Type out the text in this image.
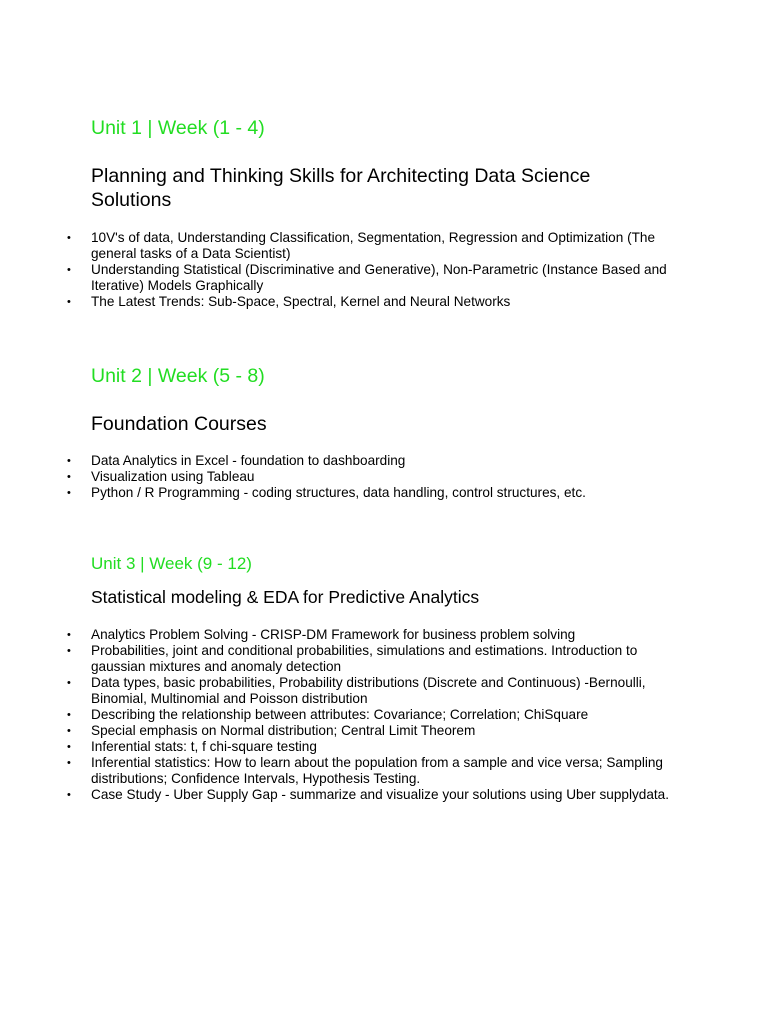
Unit 1 | Week (1 - 4)
Planning and Thinking Skills for Architecting Data Science Solutions
• 10V's of data, Understanding Classification, Segmentation, Regression and Optimization (The general tasks of a Data Scientist)
• Understanding Statistical (Discriminative and Generative), Non-Parametric (Instance Based and Iterative) Models Graphically
• The Latest Trends: Sub-Space, Spectral, Kernel and Neural Networks
Unit 2 | Week (5 - 8)
Foundation Courses
• Data Analytics in Excel - foundation to dashboarding
• Visualization using Tableau
• Python / R Programming - coding structures, data handling, control structures, etc.
Unit 3 | Week (9 - 12)
Statistical modeling & EDA for Predictive Analytics
• Analytics Problem Solving - CRISP-DM Framework for business problem solving
• Probabilities, joint and conditional probabilities, simulations and estimations. Introduction to gaussian mixtures and anomaly detection
• Data types, basic probabilities, Probability distributions (Discrete and Continuous) -Bernoulli, Binomial, Multinomial and Poisson distribution
• Describing the relationship between attributes: Covariance; Correlation; ChiSquare
• Special emphasis on Normal distribution; Central Limit Theorem
• Inferential stats: t, f chi-square testing
• Inferential statistics: How to learn about the population from a sample and vice versa; Sampling distributions; Confidence Intervals, Hypothesis Testing.
• Case Study - Uber Supply Gap - summarize and visualize your solutions using Uber supplydata.
